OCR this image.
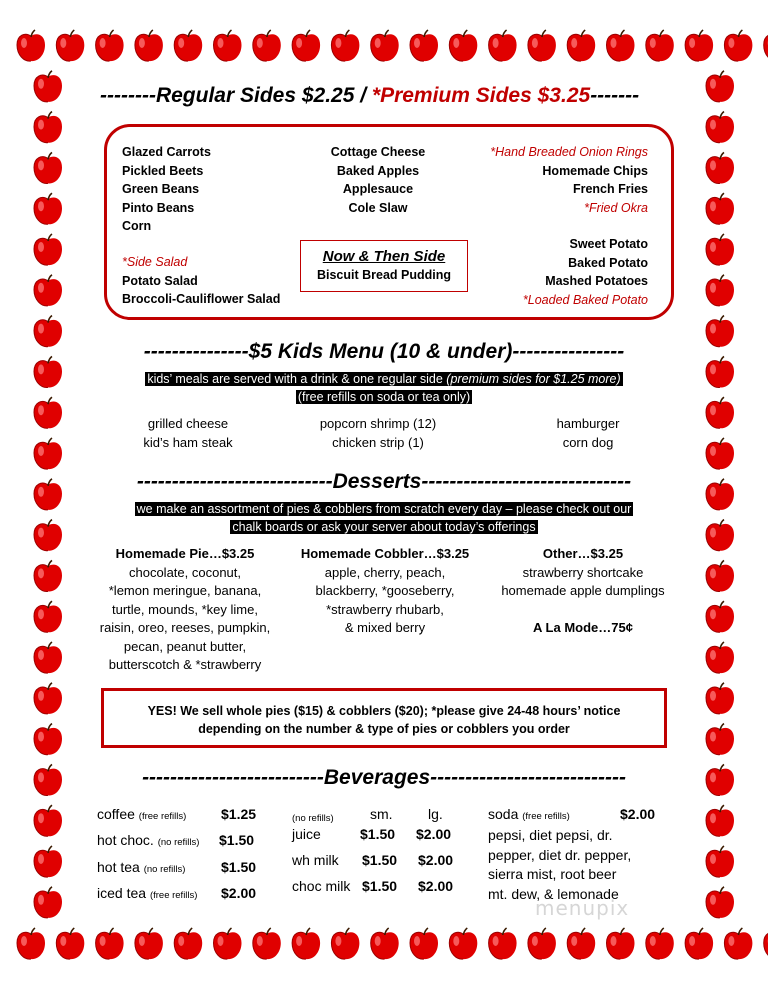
--------Regular Sides $2.25 / *Premium Sides $3.25-------
Glazed Carrots
Pickled Beets
Green Beans
Pinto Beans
Corn
*Side Salad
Potato Salad
Broccoli-Cauliflower Salad
Cottage Cheese
Baked Apples
Applesauce
Cole Slaw
Now & Then Side
Biscuit Bread Pudding
*Hand Breaded Onion Rings
Homemade Chips
French Fries
*Fried Okra
Sweet Potato
Baked Potato
Mashed Potatoes
*Loaded Baked Potato
---------------$5 Kids Menu (10 & under)----------------
kids’ meals are served with a drink & one regular side (premium sides for $1.25 more)
(free refills on soda or tea only)
grilled cheese
kid’s ham steak
popcorn shrimp (12)
chicken strip (1)
hamburger
corn dog
----------------------------Desserts------------------------------
we make an assortment of pies & cobblers from scratch every day – please check out our
chalk boards or ask your server about today’s offerings
Homemade Pie…$3.25
chocolate, coconut,
*lemon meringue, banana,
turtle, mounds, *key lime,
raisin, oreo, reeses, pumpkin,
pecan, peanut butter,
butterscotch & *strawberry
Homemade Cobbler…$3.25
apple, cherry, peach,
blackberry, *gooseberry,
*strawberry rhubarb,
& mixed berry
Other…$3.25
strawberry shortcake
homemade apple dumplings
A La Mode…75¢
YES! We sell whole pies ($15) & cobblers ($20); *please give 24-48 hours’ notice
depending on the number & type of pies or cobblers you order
--------------------------Beverages----------------------------
coffee (free refills) $1.25
hot choc. (no refills) $1.50
hot tea (no refills)	$1.50
iced tea (free refills) $2.00
(no refills)	sm.	lg.
juice	$1.50 $2.00
wh milk $1.50 $2.00
choc milk $1.50 $2.00
soda (free refills)	$2.00
pepsi, diet pepsi, dr.
pepper, diet dr. pepper,
sierra mist, root beer
mt. dew, & lemonade
menupix
